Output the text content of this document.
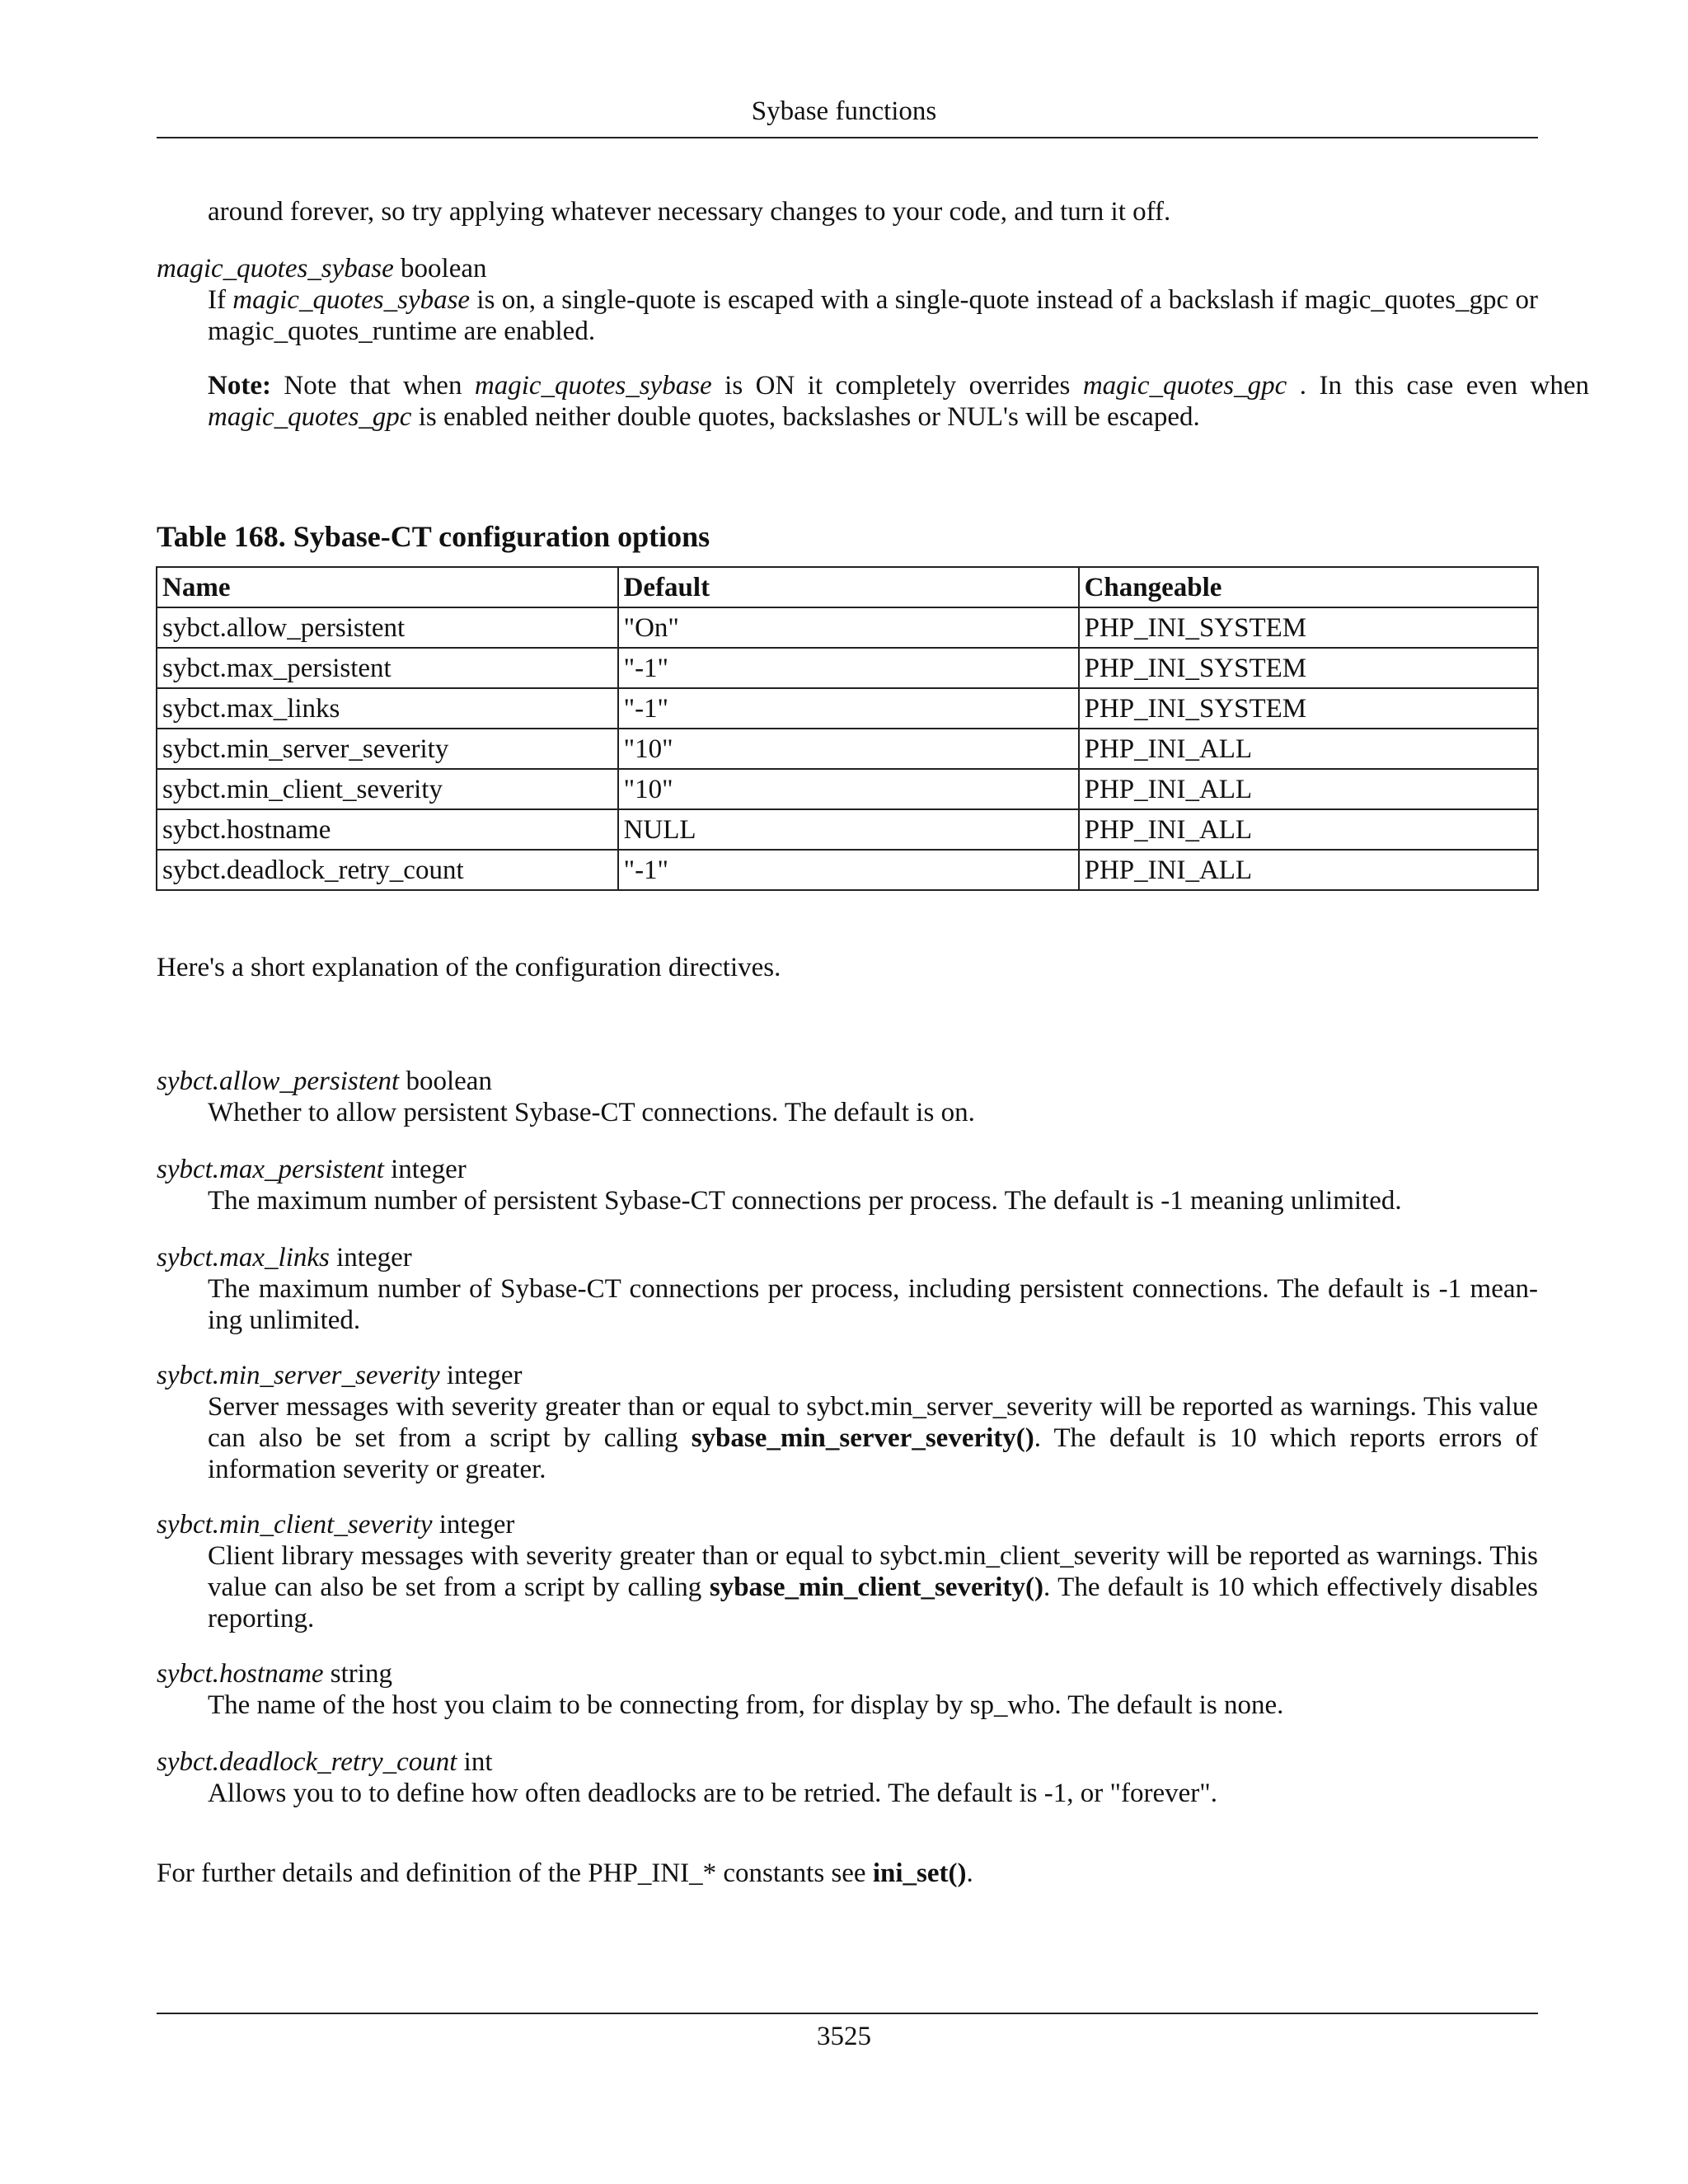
Sybase functions
around forever, so try applying whatever necessary changes to your code, and turn it off.
magic_quotes_sybase boolean
If magic_quotes_sybase is on, a single-quote is escaped with a single-quote instead of a backslash if magic_quotes_gpc or magic_quotes_runtime are enabled.
Note: Note that when magic_quotes_sybase is ON it completely overrides magic_quotes_gpc . In this case even when magic_quotes_gpc is enabled neither double quotes, backslashes or NUL's will be escaped.
Table 168. Sybase-CT configuration options
Name	Default	Changeable
sybct.allow_persistent	"On"	PHP_INI_SYSTEM
sybct.max_persistent	"-1"	PHP_INI_SYSTEM
sybct.max_links	"-1"	PHP_INI_SYSTEM
sybct.min_server_severity	"10"	PHP_INI_ALL
sybct.min_client_severity	"10"	PHP_INI_ALL
sybct.hostname	NULL	PHP_INI_ALL
sybct.deadlock_retry_count	"-1"	PHP_INI_ALL
Here's a short explanation of the configuration directives.
sybct.allow_persistent boolean
Whether to allow persistent Sybase-CT connections. The default is on.
sybct.max_persistent integer
The maximum number of persistent Sybase-CT connections per process. The default is -1 meaning unlimited.
sybct.max_links integer
The maximum number of Sybase-CT connections per process, including persistent connections. The default is -1 mean-ing unlimited.
sybct.min_server_severity integer
Server messages with severity greater than or equal to sybct.min_server_severity will be reported as warnings. This value can also be set from a script by calling sybase_min_server_severity(). The default is 10 which reports errors of information severity or greater.
sybct.min_client_severity integer
Client library messages with severity greater than or equal to sybct.min_client_severity will be reported as warnings. This value can also be set from a script by calling sybase_min_client_severity(). The default is 10 which effectively disables reporting.
sybct.hostname string
The name of the host you claim to be connecting from, for display by sp_who. The default is none.
sybct.deadlock_retry_count int
Allows you to to define how often deadlocks are to be retried. The default is -1, or "forever".
For further details and definition of the PHP_INI_* constants see ini_set().
3525
